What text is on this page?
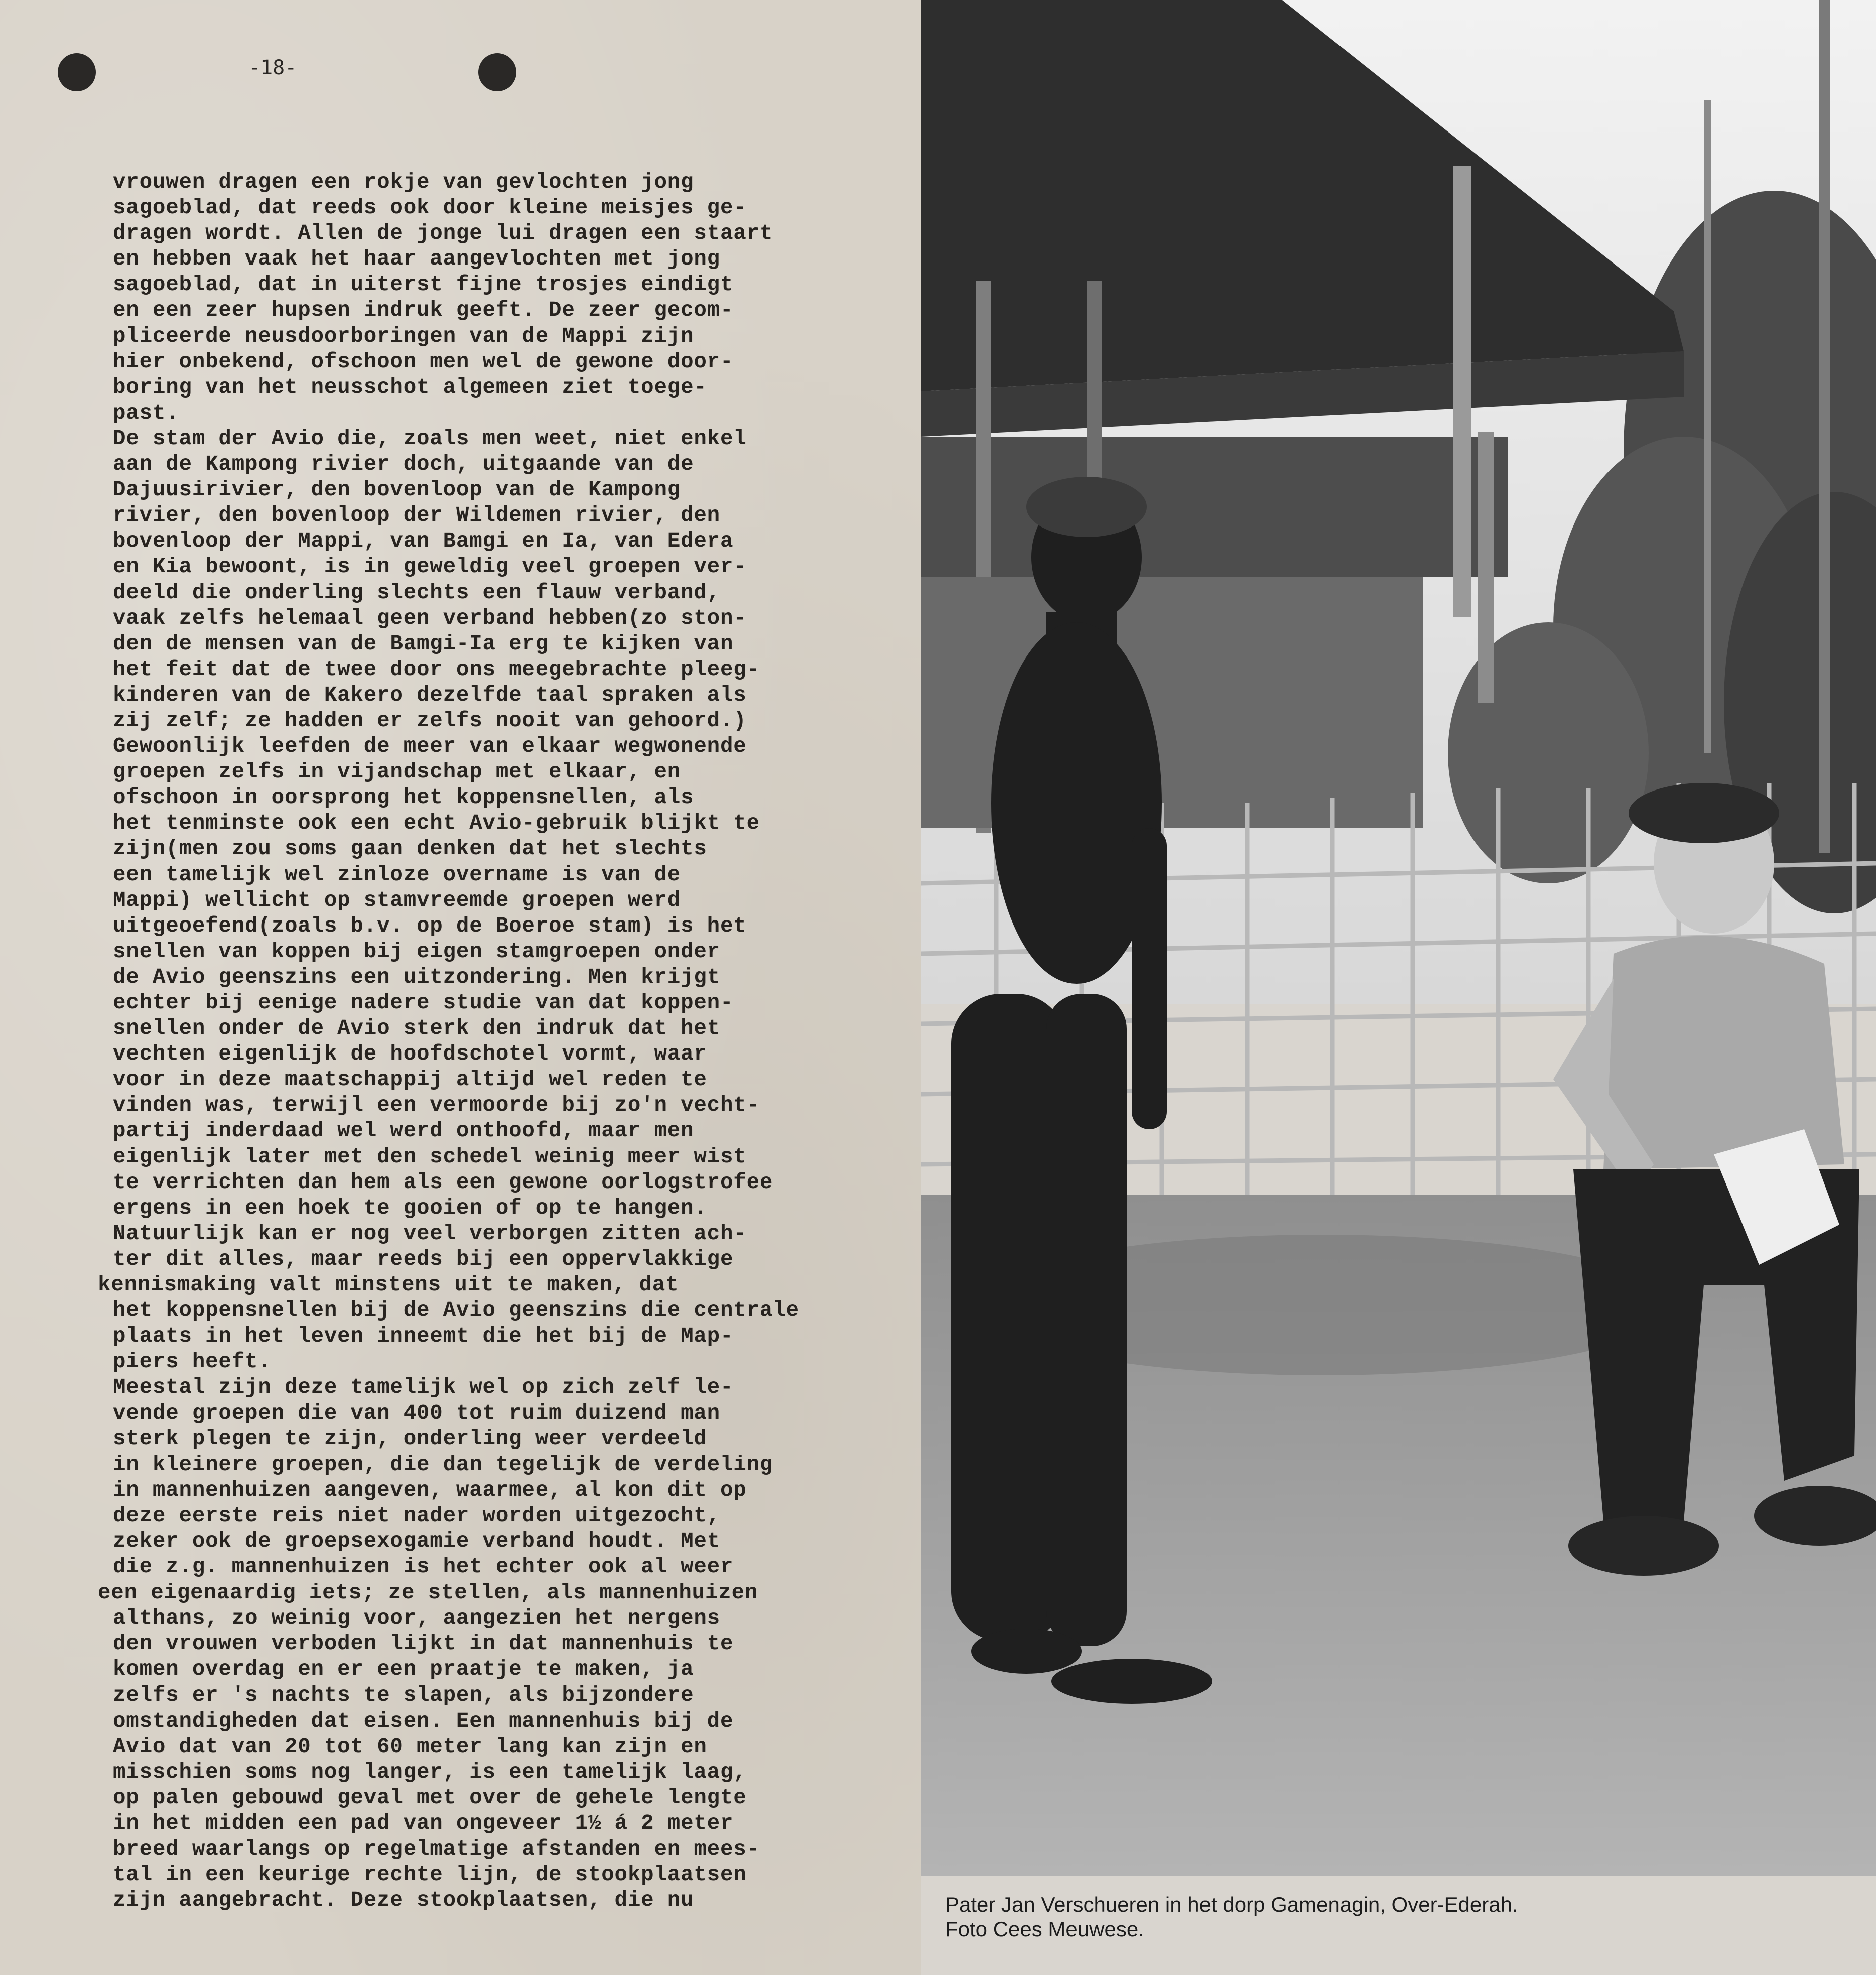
-18-
vrouwen dragen een rokje van gevlochten jong
sagoeblad, dat reeds ook door kleine meisjes ge-
dragen wordt. Allen de jonge lui dragen een staart
en hebben vaak het haar aangevlochten met jong
sagoeblad, dat in uiterst fijne trosjes eindigt
en een zeer hupsen indruk geeft. De zeer gecom-
pliceerde neusdoorboringen van de Mappi zijn
hier onbekend, ofschoon men wel de gewone door-
boring van het neusschot algemeen ziet toege-
past.
De stam der Avio die, zoals men weet, niet enkel
aan de Kampong rivier doch, uitgaande van de
Dajuusirivier, den bovenloop van de Kampong
rivier, den bovenloop der Wildemen rivier, den
bovenloop der Mappi, van Bamgi en Ia, van Edera
en Kia bewoont, is in geweldig veel groepen ver-
deeld die onderling slechts een flauw verband,
vaak zelfs helemaal geen verband hebben(zo ston-
den de mensen van de Bamgi-Ia erg te kijken van
het feit dat de twee door ons meegebrachte pleeg-
kinderen van de Kakero dezelfde taal spraken als
zij zelf; ze hadden er zelfs nooit van gehoord.)
Gewoonlijk leefden de meer van elkaar wegwonende
groepen zelfs in vijandschap met elkaar, en
ofschoon in oorsprong het koppensnellen, als
het tenminste ook een echt Avio-gebruik blijkt te
zijn(men zou soms gaan denken dat het slechts
een tamelijk wel zinloze overname is van de
Mappi) wellicht op stamvreemde groepen werd
uitgeoefend(zoals b.v. op de Boeroe stam) is het
snellen van koppen bij eigen stamgroepen onder
de Avio geenszins een uitzondering. Men krijgt
echter bij eenige nadere studie van dat koppen-
snellen onder de Avio sterk den indruk dat het
vechten eigenlijk de hoofdschotel vormt, waar
voor in deze maatschappij altijd wel reden te
vinden was, terwijl een vermoorde bij zo'n vecht-
partij inderdaad wel werd onthoofd, maar men
eigenlijk later met den schedel weinig meer wist
te verrichten dan hem als een gewone oorlogstrofee
ergens in een hoek te gooien of op te hangen.
Natuurlijk kan er nog veel verborgen zitten ach-
ter dit alles, maar reeds bij een oppervlakkige
kennismaking valt minstens uit te maken, dat
het koppensnellen bij de Avio geenszins die centrale
plaats in het leven inneemt die het bij de Map-
piers heeft.
Meestal zijn deze tamelijk wel op zich zelf le-
vende groepen die van 400 tot ruim duizend man
sterk plegen te zijn, onderling weer verdeeld
in kleinere groepen, die dan tegelijk de verdeling
in mannenhuizen aangeven, waarmee, al kon dit op
deze eerste reis niet nader worden uitgezocht,
zeker ook de groepsexogamie verband houdt. Met
die z.g. mannenhuizen is het echter ook al weer
een eigenaardig iets; ze stellen, als mannenhuizen
althans, zo weinig voor, aangezien het nergens
den vrouwen verboden lijkt in dat mannenhuis te
komen overdag en er een praatje te maken, ja
zelfs er 's nachts te slapen, als bijzondere
omstandigheden dat eisen. Een mannenhuis bij de
Avio dat van 20 tot 60 meter lang kan zijn en
misschien soms nog langer, is een tamelijk laag,
op palen gebouwd geval met over de gehele lengte
in het midden een pad van ongeveer 1½ á 2 meter
breed waarlangs op regelmatige afstanden en mees-
tal in een keurige rechte lijn, de stookplaatsen
zijn aangebracht. Deze stookplaatsen, die nu	Pater Jan Verschueren in het dorp Gamenagin, Over-Ederah.
Foto Cees Meuwese.
